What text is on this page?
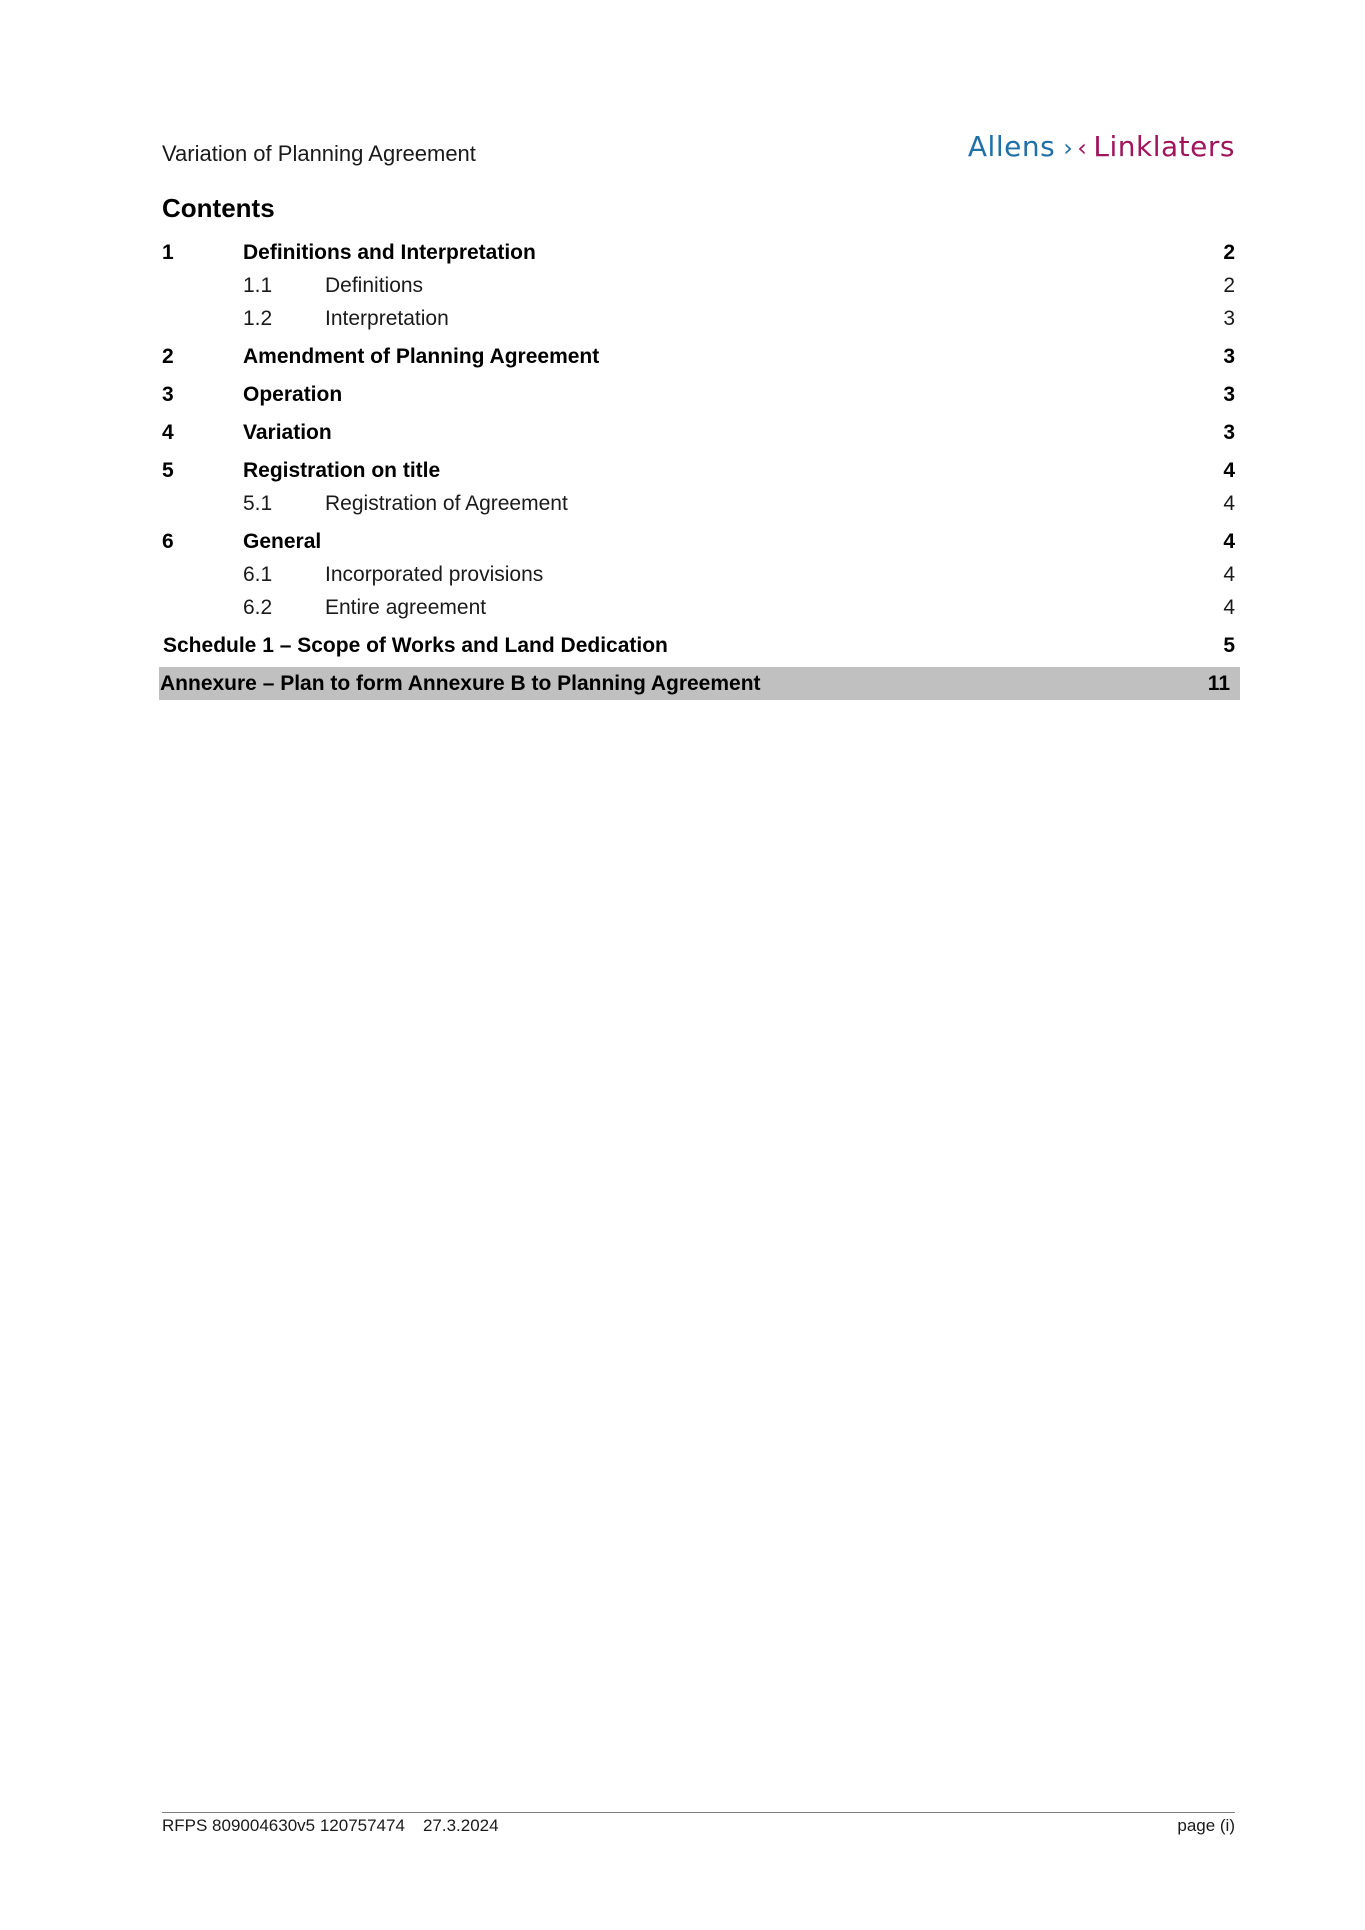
Variation of Planning Agreement	Allens › ‹ Linklaters
Contents
1	Definitions and Interpretation	2
1.1	Definitions	2
1.2	Interpretation	3
2	Amendment of Planning Agreement	3
3	Operation	3
4	Variation	3
5	Registration on title	4
5.1	Registration of Agreement	4
6	General	4
6.1	Incorporated provisions	4
6.2	Entire agreement	4
Schedule 1 – Scope of Works and Land Dedication	5
Annexure – Plan to form Annexure B to Planning Agreement	11
RFPS 809004630v5 120757474 27.3.2024	page (i)
